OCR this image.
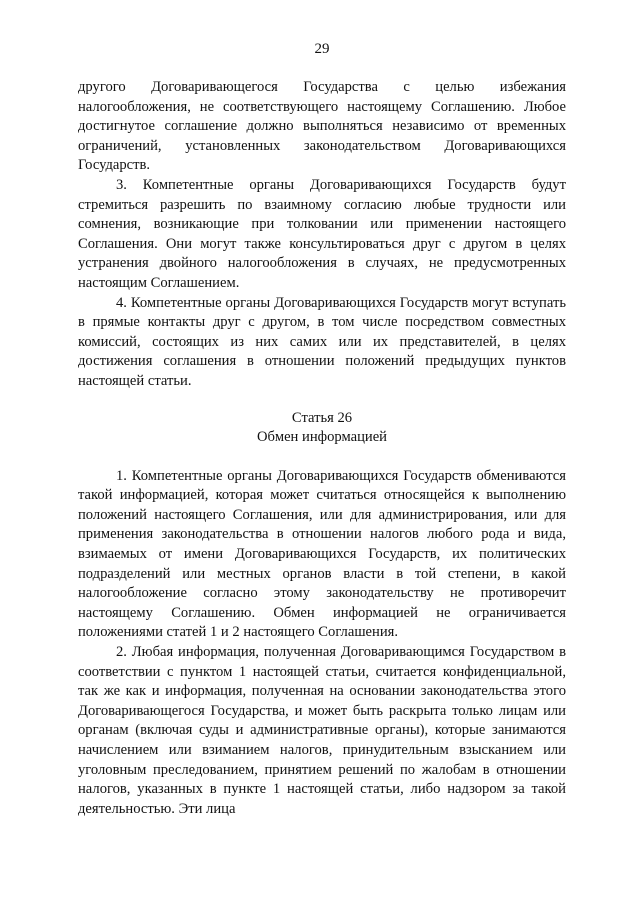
29

другого Договаривающегося Государства с целью избежания налогообложения, не соответствующего настоящему Соглашению. Любое достигнутое соглашение должно выполняться независимо от временных ограничений, установленных законодательством Договаривающихся Государств.

3. Компетентные органы Договаривающихся Государств будут стремиться разрешить по взаимному согласию любые трудности или сомнения, возникающие при толковании или применении настоящего Соглашения. Они могут также консультироваться друг с другом в целях устранения двойного налогообложения в случаях, не предусмотренных настоящим Соглашением.

4. Компетентные органы Договаривающихся Государств могут вступать в прямые контакты друг с другом, в том числе посредством совместных комиссий, состоящих из них самих или их представителей, в целях достижения соглашения в отношении положений предыдущих пунктов настоящей статьи.

Статья 26

Обмен информацией

1. Компетентные органы Договаривающихся Государств обмениваются такой информацией, которая может считаться относящейся к выполнению положений настоящего Соглашения, или для администрирования, или для применения законодательства в отношении налогов любого рода и вида, взимаемых от имени Договаривающихся Государств, их политических подразделений или местных органов власти в той степени, в какой налогообложение согласно этому законодательству не противоречит настоящему Соглашению. Обмен информацией не ограничивается положениями статей 1 и 2 настоящего Соглашения.

2. Любая информация, полученная Договаривающимся Государством в соответствии с пунктом 1 настоящей статьи, считается конфиденциальной, так же как и информация, полученная на основании законодательства этого Договаривающегося Государства, и может быть раскрыта только лицам или органам (включая суды и административные органы), которые занимаются начислением или взиманием налогов, принудительным взысканием или уголовным преследованием, принятием решений по жалобам в отношении налогов, указанных в пункте 1 настоящей статьи, либо надзором за такой деятельностью. Эти лица
